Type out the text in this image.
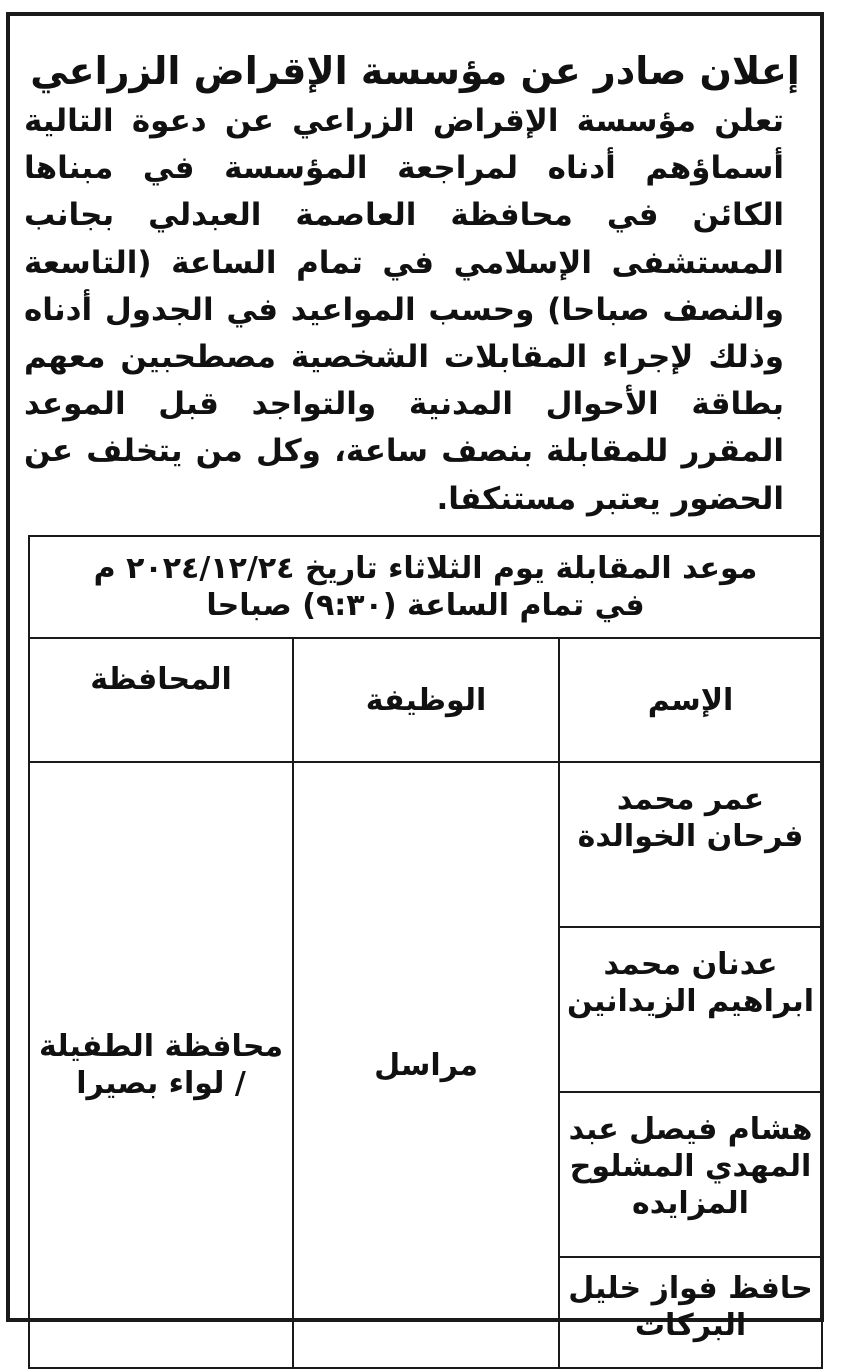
إعلان صادر عن مؤسسة الإقراض الزراعي
تعلن مؤسسة الإقراض الزراعي عن دعوة التالية أسماؤهم أدناه لمراجعة المؤسسة في مبناها الكائن في محافظة العاصمة العبدلي بجانب المستشفى الإسلامي في تمام الساعة (التاسعة والنصف صباحا) وحسب المواعيد في الجدول أدناه وذلك لإجراء المقابلات الشخصية مصطحبين معهم بطاقة الأحوال المدنية والتواجد قبل الموعد المقرر للمقابلة بنصف ساعة، وكل من يتخلف عن الحضور يعتبر مستنكفا.
موعد المقابلة يوم الثلاثاء تاريخ ٢٠٢٤/١٢/٢٤ م
في تمام الساعة (٩:٣٠) صباحا		

الإسم	الوظيفة	المحافظة

عمر محمد فرحان الخوالدة	مراسل	محافظة الطفيلة / لواء بصيرا

عدنان محمد ابراهيم الزيدانين		

هشام فيصل عبد المهدي المشلوح المزايده		

حافظ فواز خليل البركات		
